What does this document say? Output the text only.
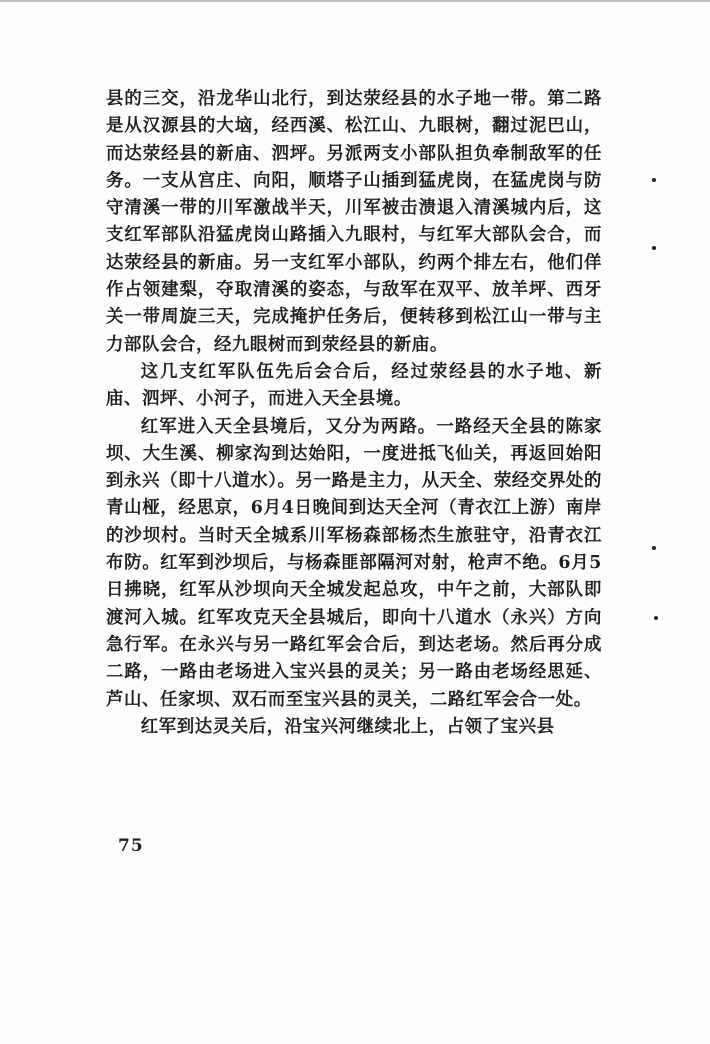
县的三交，沿龙华山北行，到达荥经县的水子地一带。第二路是从汉源县的大垴，经西溪、松江山、九眼树，翻过泥巴山，而达荥经县的新庙、泗坪。另派两支小部队担负牵制敌军的任务。一支从宫庄、向阳，顺塔子山插到猛虎岗，在猛虎岗与防守清溪一带的川军激战半天，川军被击溃退入清溪城内后，这支红军部队沿猛虎岗山路插入九眼村，与红军大部队会合，而达荥经县的新庙。另一支红军小部队，约两个排左右，他们佯作占领建梨，夺取清溪的姿态，与敌军在双平、放羊坪、西牙关一带周旋三天，完成掩护任务后，便转移到松江山一带与主力部队会合，经九眼树而到荥经县的新庙。

这几支红军队伍先后会合后，经过荥经县的水子地、新庙、泗坪、小河子，而进入天全县境。

红军进入天全县境后，又分为两路。一路经天全县的陈家坝、大生溪、柳家沟到达始阳，一度进抵飞仙关，再返回始阳到永兴（即十八道水）。另一路是主力，从天全、荥经交界处的青山桠，经思京，6月4日晚间到达天全河（青衣江上游）南岸的沙坝村。当时天全城系川军杨森部杨杰生旅驻守，沿青衣江布防。红军到沙坝后，与杨森匪部隔河对射，枪声不绝。6月5日拂晓，红军从沙坝向天全城发起总攻，中午之前，大部队即渡河入城。红军攻克天全县城后，即向十八道水（永兴）方向急行军。在永兴与另一路红军会合后，到达老场。然后再分成二路，一路由老场进入宝兴县的灵关；另一路由老场经思延、芦山、任家坝、双石而至宝兴县的灵关，二路红军会合一处。

红军到达灵关后，沿宝兴河继续北上，占领了宝兴县

75
